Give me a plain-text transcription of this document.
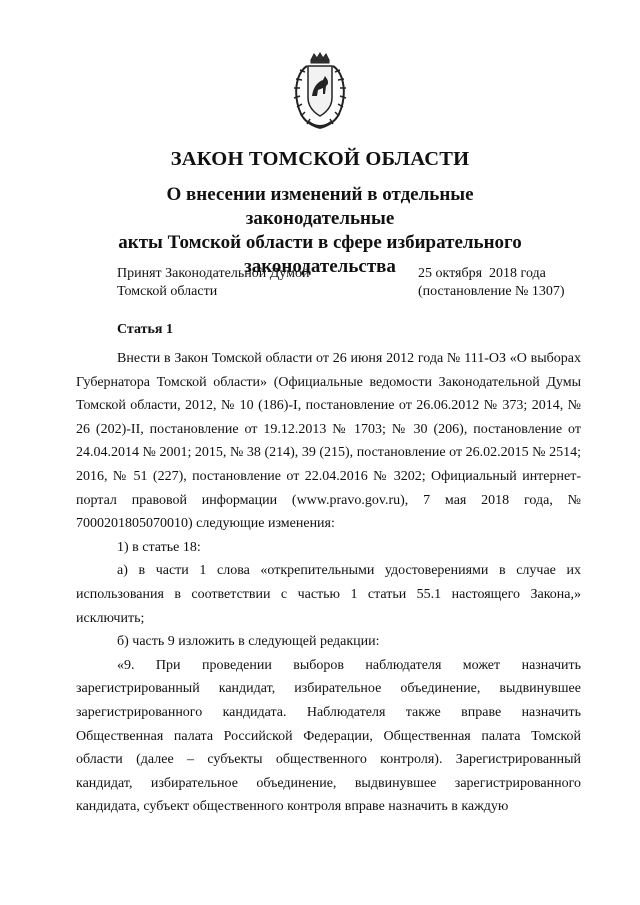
ЗАКОН ТОМСКОЙ ОБЛАСТИ
О внесении изменений в отдельные законодательные
акты Томской области в сфере избирательного
законодательства
Принят Законодательной Думой
Томской области
25 октября  2018 года
(постановление № 1307)
Статья 1

Внести в Закон Томской области от 26 июня 2012 года № 111-ОЗ «О выборах Губернатора Томской области» (Официальные ведомости Законодательной Думы Томской области, 2012, № 10 (186)-I, постановление от 26.06.2012 № 373; 2014, № 26 (202)-II, постановление от 19.12.2013 № 1703; № 30 (206), постановление от 24.04.2014 № 2001; 2015, № 38 (214), 39 (215), постановление от 26.02.2015 № 2514; 2016, № 51 (227), постановление от 22.04.2016 № 3202; Официальный интернет-портал правовой информации (www.pravo.gov.ru), 7 мая 2018 года, № 7000201805070010) следующие изменения:

1) в статье 18:

а) в части 1 слова «открепительными удостоверениями в случае их использования в соответствии с частью 1 статьи 55.1 настоящего Закона,» исключить;

б) часть 9 изложить в следующей редакции:

«9. При проведении выборов наблюдателя может назначить зарегистрированный кандидат, избирательное объединение, выдвинувшее зарегистрированного кандидата. Наблюдателя также вправе назначить Общественная палата Российской Федерации, Общественная палата Томской области (далее – субъекты общественного контроля). Зарегистрированный кандидат, избирательное объединение, выдвинувшее зарегистрированного кандидата, субъект общественного контроля вправе назначить в каждую
